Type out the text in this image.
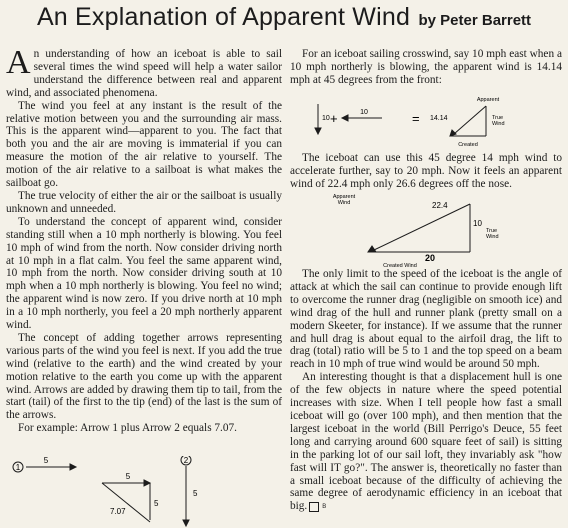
An Explanation of Apparent Wind by Peter Barrett

An understanding of how an iceboat is able to sail several times the wind speed will help a water sailor understand the difference between real and apparent wind, and associated phenomena.

The wind you feel at any instant is the result of the relative motion between you and the surrounding air mass. This is the apparent wind—apparent to you. The fact that both you and the air are moving is immaterial if you can measure the motion of the air relative to yourself. The motion of the air relative to a sailboat is what makes the sailboat go.

The true velocity of either the air or the sailboat is usually unknown and unneeded.

To understand the concept of apparent wind, consider standing still when a 10 mph northerly is blowing. You feel 10 mph of wind from the north. Now consider driving north at 10 mph in a flat calm. You feel the same apparent wind, 10 mph from the north. Now consider driving south at 10 mph when a 10 mph northerly is blowing. You feel no wind; the apparent wind is now zero. If you drive north at 10 mph in a 10 mph northerly, you feel a 20 mph northerly apparent wind.

The concept of adding together arrows representing various parts of the wind you feel is next. If you add the true wind (relative to the earth) and the wind created by your motion relative to the earth you come up with the apparent wind. Arrows are added by drawing them tip to tail, from the start (tail) of the first to the tip (end) of the last is the sum of the arrows.

For example: Arrow 1 plus Arrow 2 equals 7.07.

1
5	2
5
5
5
7.07

For an iceboat sailing crosswind, say 10 mph east when a 10 mph northerly is blowing, the apparent wind is 14.14 mph at 45 degrees from the front:

10 +	10	= 14.14
Apparent
True
Wind
Created

The iceboat can use this 45 degree 14 mph wind to accelerate further, say to 20 mph. Now it feels an apparent wind of 22.4 mph only 26.6 degrees off the nose.

Apparent
Wind	22.4
10
True
Wind
20
Created Wind

The only limit to the speed of the iceboat is the angle of attack at which the sail can continue to provide enough lift to overcome the runner drag (negligible on smooth ice) and wind drag of the hull and runner plank (pretty small on a modern Skeeter, for instance). If we assume that the runner and hull drag is about equal to the airfoil drag, the lift to drag (total) ratio will be 5 to 1 and the top speed on a beam reach in 10 mph of true wind would be around 50 mph.

An interesting thought is that a displacement hull is one of the few objects in nature where the speed potential increases with size. When I tell people how fast a small iceboat will go (over 100 mph), and then mention that the largest iceboat in the world (Bill Perrigo's Deuce, 55 feet long and carrying around 600 square feet of sail) is sitting in the parking lot of our sail loft, they invariably ask "how fast will IT go?". The answer is, theoretically no faster than a small iceboat because of the difficulty of achieving the same degree of aerodynamic efficiency in an iceboat that big.	B
